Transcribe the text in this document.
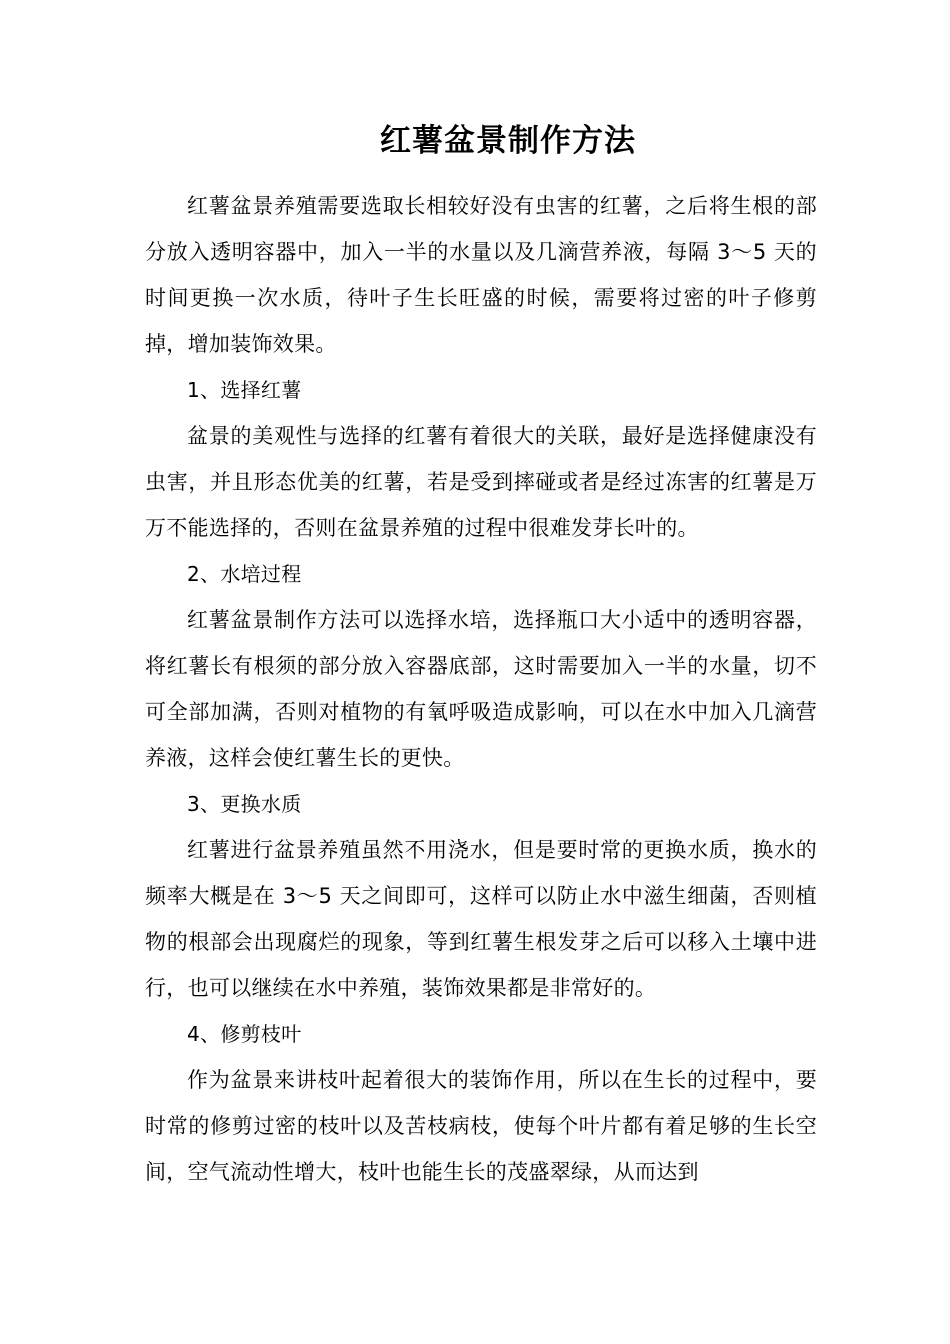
红薯盆景制作方法

红薯盆景养殖需要选取长相较好没有虫害的红薯，之后将生根的部分放入透明容器中，加入一半的水量以及几滴营养液，每隔 3～5 天的时间更换一次水质，待叶子生长旺盛的时候，需要将过密的叶子修剪掉，增加装饰效果。

1、选择红薯

盆景的美观性与选择的红薯有着很大的关联，最好是选择健康没有虫害，并且形态优美的红薯，若是受到摔碰或者是经过冻害的红薯是万万不能选择的，否则在盆景养殖的过程中很难发芽长叶的。

2、水培过程

红薯盆景制作方法可以选择水培，选择瓶口大小适中的透明容器，将红薯长有根须的部分放入容器底部，这时需要加入一半的水量，切不可全部加满，否则对植物的有氧呼吸造成影响，可以在水中加入几滴营养液，这样会使红薯生长的更快。

3、更换水质

红薯进行盆景养殖虽然不用浇水，但是要时常的更换水质，换水的频率大概是在 3～5 天之间即可，这样可以防止水中滋生细菌，否则植物的根部会出现腐烂的现象，等到红薯生根发芽之后可以移入土壤中进行，也可以继续在水中养殖，装饰效果都是非常好的。

4、修剪枝叶

作为盆景来讲枝叶起着很大的装饰作用，所以在生长的过程中，要时常的修剪过密的枝叶以及苦枝病枝，使每个叶片都有着足够的生长空间，空气流动性增大，枝叶也能生长的茂盛翠绿，从而达到
